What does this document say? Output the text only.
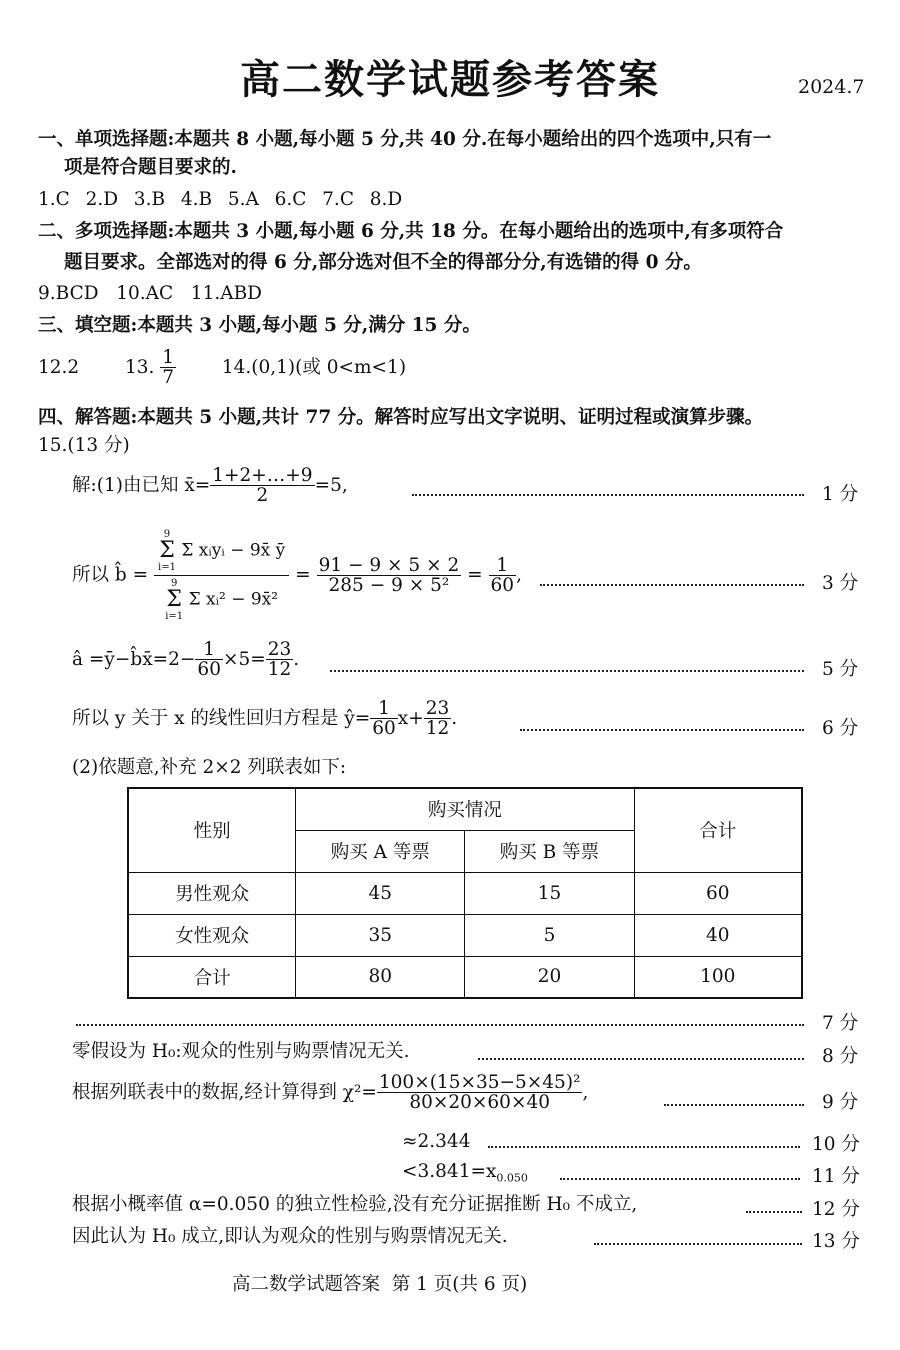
高二数学试题参考答案	2024.7
一、单项选择题:本题共 8 小题,每小题 5 分,共 40 分.在每小题给出的四个选项中,只有一
项是符合题目要求的.
1.C  2.D  3.B  4.B  5.A  6.C  7.C  8.D
二、多项选择题:本题共 3 小题,每小题 6 分,共 18 分。在每小题给出的选项中,有多项符合
题目要求。全部选对的得 6 分,部分选对但不全的得部分分,有选错的得 0 分。
9.BCD   10.AC   11.ABD
三、填空题:本题共 3 小题,每小题 5 分,满分 15 分。
12.2 13. $\frac{1}{7} 14.(0,1)$(或 0<m<1)
四、解答题:本题共 5 小题,共计 77 分。解答时应写出文字说明、证明过程或演算步骤。
15.(13 分)
解:(1)由已知 x̄= $\frac{1+2+\dots+9}{2} =5$,	1 分
所以 b̂ = 9
Σ
i=1
Σ xᵢyᵢ − 9x̄ ȳ
9
Σ
i=1
Σ xᵢ² − 9x̄² = $\frac{91 - 9 \times 5 \times 2}{\text{285 − 9 × 5²}} = \frac{1}{60}$ ,	3 分
â =ȳ−b̂x̄=2− $\frac{1}{60} \times 5= \frac{23}{12}$ .	5 分
所以 y 关于 x 的线性回归方程是 ŷ= $\frac{1}{60} x+ \frac{23}{12}$ .	6 分
(2)依题意,补充 2×2 列联表如下:
性别	购买情况		合计
	购买 A 等票	购买 B 等票	
男性观众	45	15	60
女性观众	35	5	40
合计	80	20	100
7 分
零假设为 H₀:观众的性别与购票情况无关.	8 分
根据列联表中的数据,经计算得到 $\chi^2= \frac{\text{100×(15×35−5×45)²}}{80\times 20\times 60\times 40}$ ,	9 分
≈2.344	10 分
$<3.841=x_{0.050}$	11 分
根据小概率值 α=0.050 的独立性检验,没有充分证据推断 H₀ 不成立,	12 分
因此认为 H₀ 成立,即认为观众的性别与购票情况无关.	13 分
高二数学试题答案  第 1 页(共 6 页)
